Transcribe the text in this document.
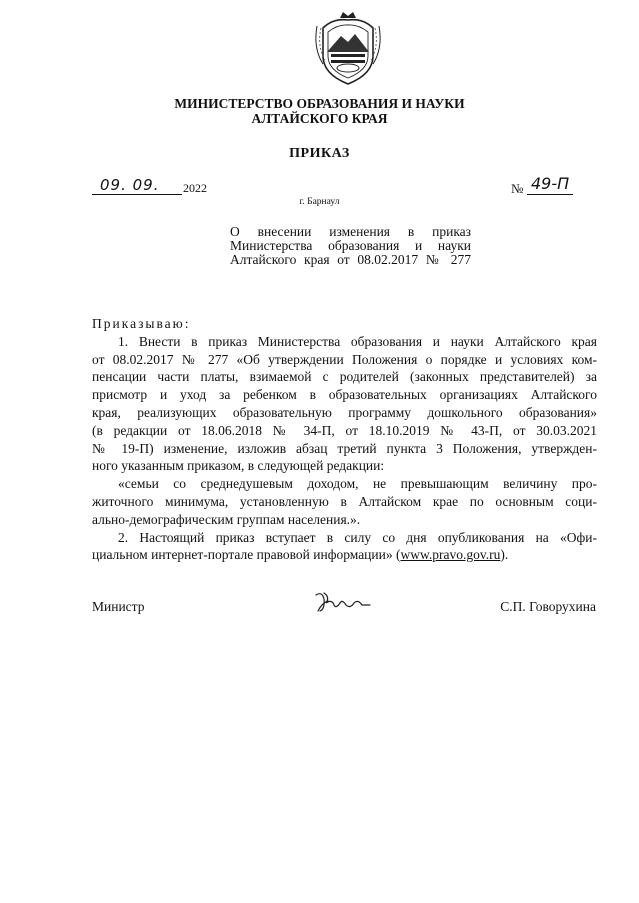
МИНИСТЕРСТВО ОБРАЗОВАНИЯ И НАУКИ
АЛТАЙСКОГО КРАЯ
ПРИКАЗ
09. 09. 2022
г. Барнаул
№ 49-П
О внесении изменения в приказ
Министерства образования и науки
Алтайского края от 08.02.2017 № 277
Приказываю:
1. Внести в приказ Министерства образования и науки Алтайского края
от 08.02.2017 № 277 «Об утверждении Положения о порядке и условиях ком-
пенсации части платы, взимаемой с родителей (законных представителей) за
присмотр и уход за ребенком в образовательных организациях Алтайского
края, реализующих образовательную программу дошкольного образования»
(в редакции от 18.06.2018 № 34-П, от 18.10.2019 № 43-П, от 30.03.2021
№ 19-П) изменение, изложив абзац третий пункта 3 Положения, утвержден-
ного указанным приказом, в следующей редакции:
«семьи со среднедушевым доходом, не превышающим величину про-
житочного минимума, установленную в Алтайском крае по основным соци-
ально-демографическим группам населения.».
2. Настоящий приказ вступает в силу со дня опубликования на «Офи-
циальном интернет-портале правовой информации» (www.pravo.gov.ru).
Министр	С.П. Говорухина
